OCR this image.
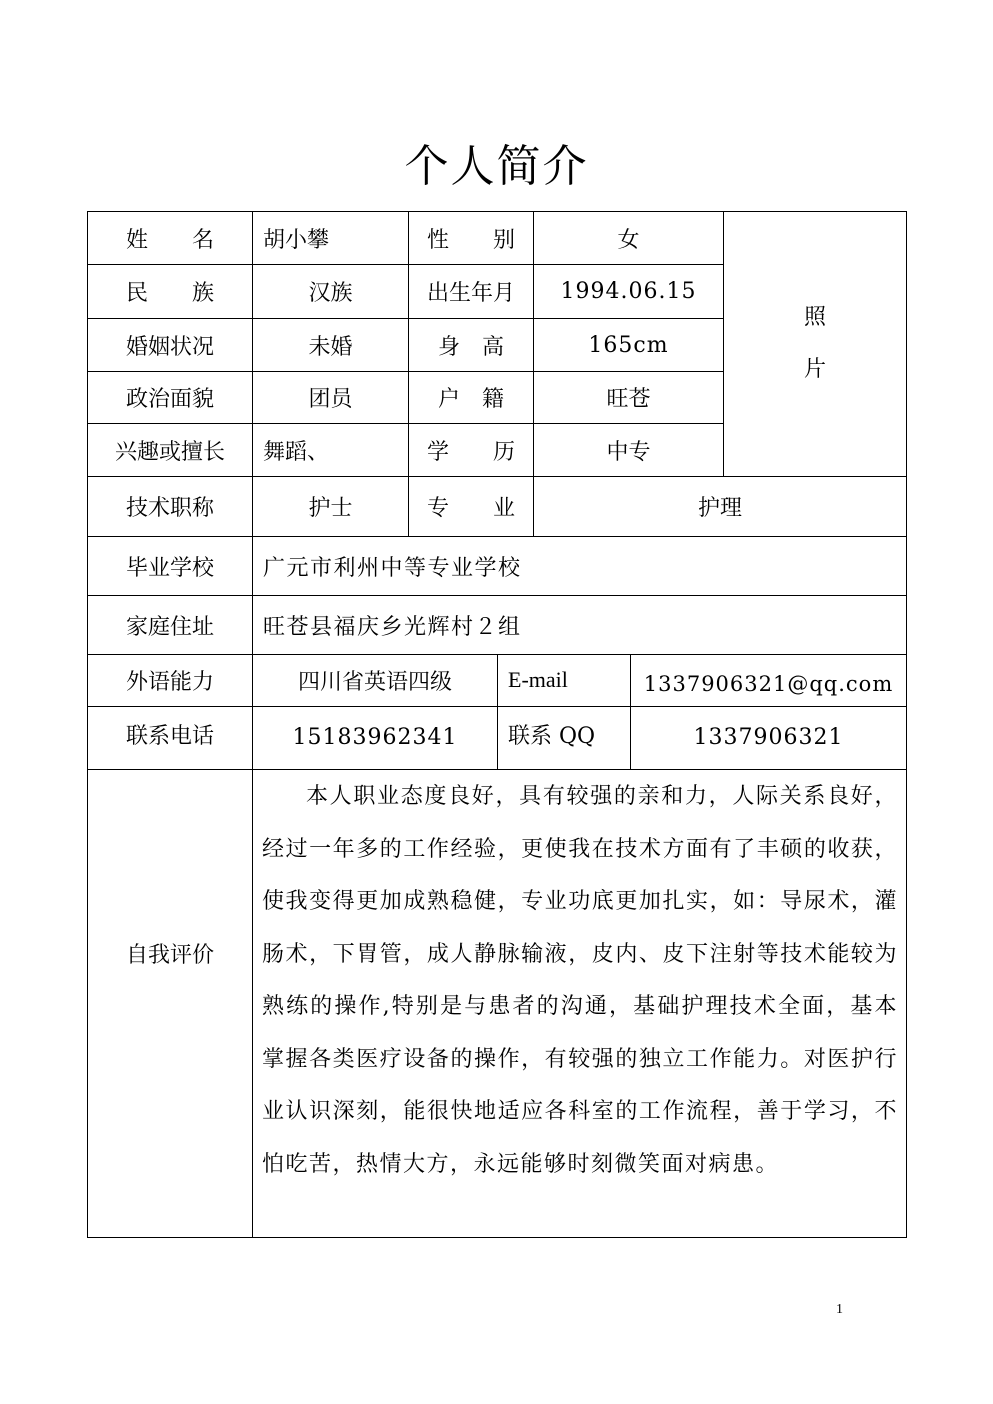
个人简介
姓　　名	胡小攀	性　　别	女
民　　族	汉族	出生年月	1994.06.15
婚姻状况	未婚	身　高	165cm
政治面貌	团员	户　籍	旺苍
兴趣或擅长	舞蹈、	学　　历	中专
照
片
技术职称	护士	专　　业	护理
毕业学校	广元市利州中等专业学校
家庭住址	旺苍县福庆乡光辉村２组
外语能力	四川省英语四级	E-mail	1337906321@qq.com
联系电话	15183962341	联系 QQ	1337906321
自我评价
本人职业态度良好，具有较强的亲和力，人际关系良好，经过一年多的工作经验，更使我在技术方面有了丰硕的收获，使我变得更加成熟稳健，专业功底更加扎实，如：导尿术，灌肠术，下胃管，成人静脉输液，皮内、皮下注射等技术能较为熟练的操作,特别是与患者的沟通，基础护理技术全面，基本掌握各类医疗设备的操作，有较强的独立工作能力。对医护行业认识深刻，能很快地适应各科室的工作流程，善于学习，不怕吃苦，热情大方，永远能够时刻微笑面对病患。
1
